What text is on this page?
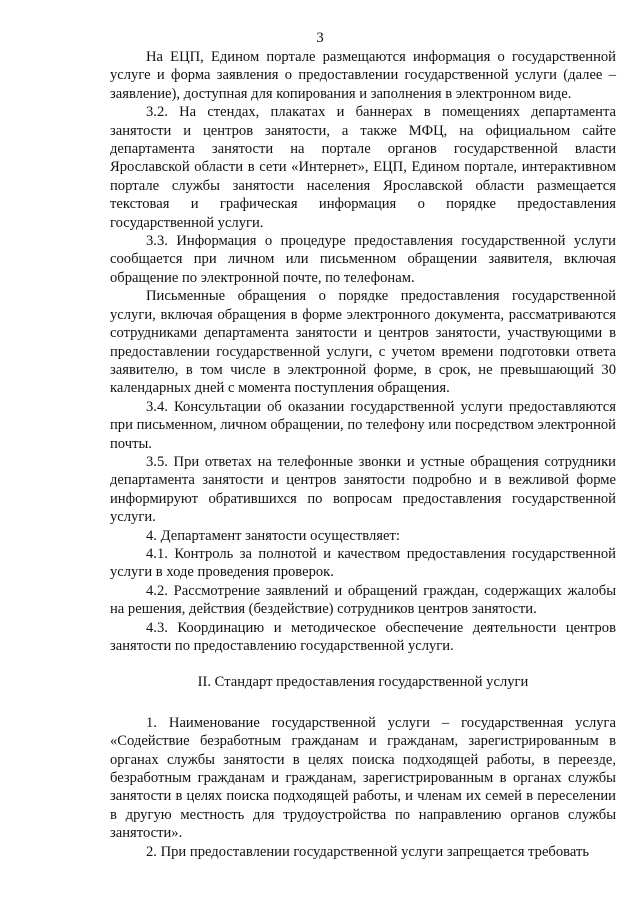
3

На ЕЦП, Едином портале размещаются информация о государственной услуге и форма заявления о предоставлении государственной услуги (далее – заявление), доступная для копирования и заполнения в электронном виде.

3.2. На стендах, плакатах и баннерах в помещениях департамента занятости и центров занятости, а также МФЦ, на официальном сайте департамента занятости на портале органов государственной власти Ярославской области в сети «Интернет», ЕЦП, Едином портале, интерактивном портале службы занятости населения Ярославской области размещается текстовая и графическая информация о порядке предоставления государственной услуги.

3.3. Информация о процедуре предоставления государственной услуги сообщается при личном или письменном обращении заявителя, включая обращение по электронной почте, по телефонам.

Письменные обращения о порядке предоставления государственной услуги, включая обращения в форме электронного документа, рассматриваются сотрудниками департамента занятости и центров занятости, участвующими в предоставлении государственной услуги, с учетом времени подготовки ответа заявителю, в том числе в электронной форме, в срок, не превышающий 30 календарных дней с момента поступления обращения.

3.4. Консультации об оказании государственной услуги предоставляются при письменном, личном обращении, по телефону или посредством электронной почты.

3.5. При ответах на телефонные звонки и устные обращения сотрудники департамента занятости и центров занятости подробно и в вежливой форме информируют обратившихся по вопросам предоставления государственной услуги.

4. Департамент занятости осуществляет:

4.1. Контроль за полнотой и качеством предоставления государственной услуги в ходе проведения проверок.

4.2. Рассмотрение заявлений и обращений граждан, содержащих жалобы на решения, действия (бездействие) сотрудников центров занятости.

4.3. Координацию и методическое обеспечение деятельности центров занятости по предоставлению государственной услуги.

II. Стандарт предоставления государственной услуги

1. Наименование государственной услуги – государственная услуга «Содействие безработным гражданам и гражданам, зарегистрированным в органах службы занятости в целях поиска подходящей работы, в переезде, безработным гражданам и гражданам, зарегистрированным в органах службы занятости в целях поиска подходящей работы, и членам их семей в переселении в другую местность для трудоустройства по направлению органов службы занятости».

2. При предоставлении государственной услуги запрещается требовать
